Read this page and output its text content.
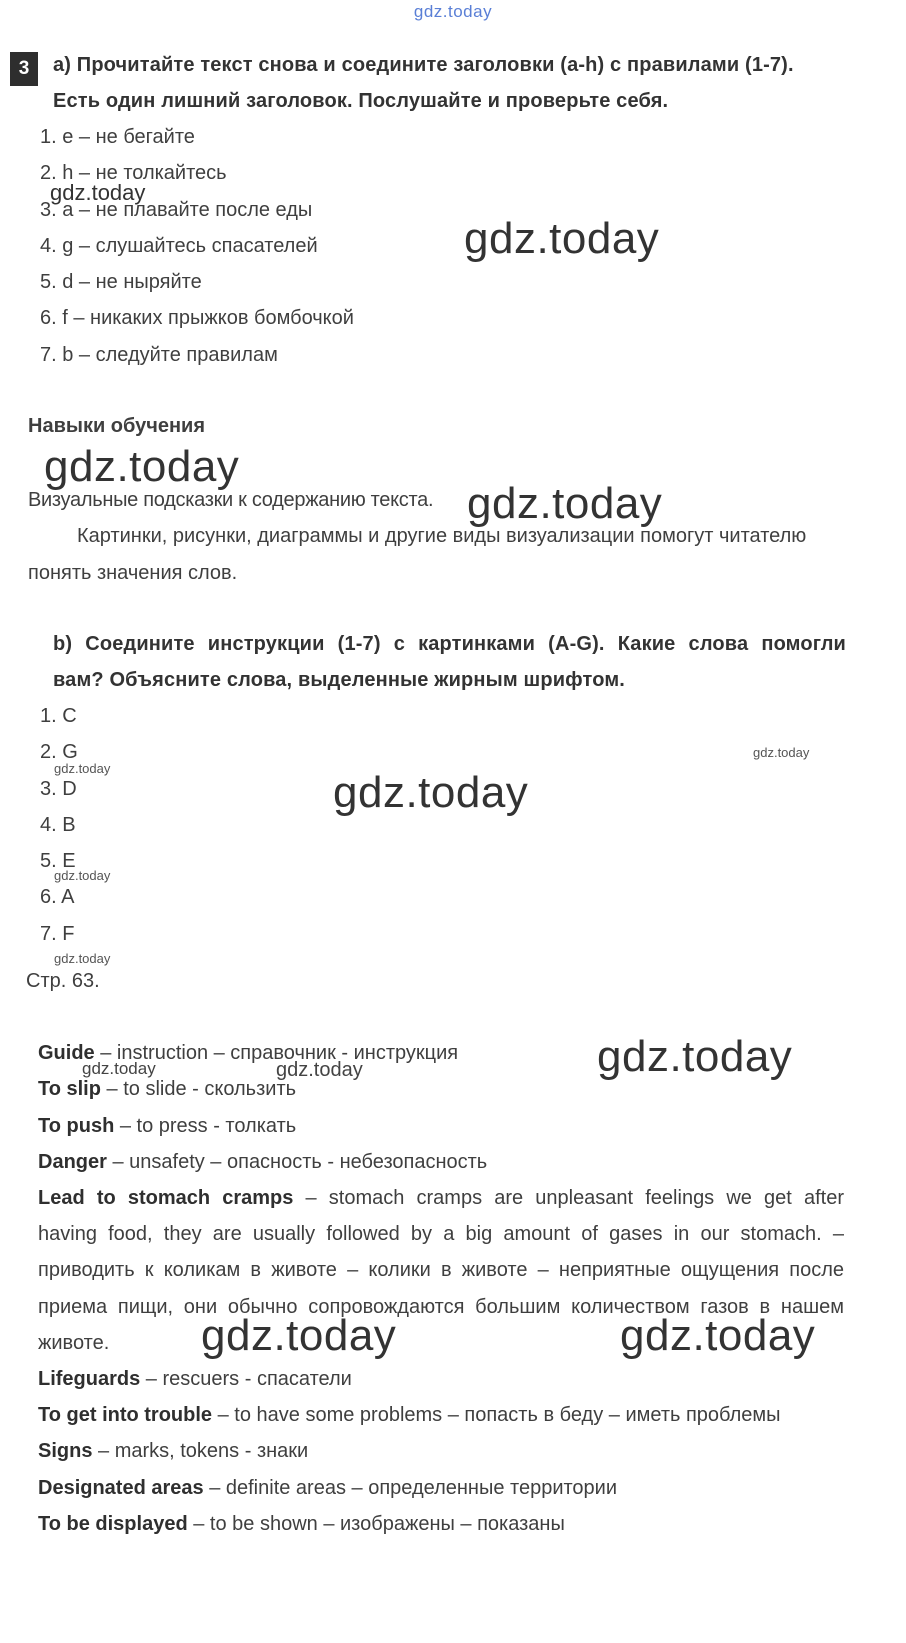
gdz.today
3	a) Прочитайте текст снова и соедините заголовки (a-h) с правилами (1-7).
Есть один лишний заголовок. Послушайте и проверьте себя.
1. e – не бегайте
2. h – не толкайтесь
3. a – не плавайте после еды
4. g – слушайтесь спасателей
5. d – не ныряйте
6. f – никаких прыжков бомбочкой
7. b – следуйте правилам
Навыки обучения
Визуальные подсказки к содержанию текста.
Картинки, рисунки, диаграммы и другие виды визуализации помогут читателю
понять значения слов.
b) Соедините инструкции (1-7) с картинками (A-G). Какие слова помогли
вам? Объясните слова, выделенные жирным шрифтом.
1. C
2. G
3. D
4. B
5. E
6. A
7. F
Стр. 63.
Guide – instruction – справочник - инструкция
To slip – to slide - скользить
To push – to press - толкать
Danger – unsafety – опасность - небезопасность
Lead to stomach cramps – stomach cramps are unpleasant feelings we get after
having food, they are usually followed by a big amount of gases in our stomach. –
приводить к коликам в животе – колики в животе – неприятные ощущения после
приема пищи, они обычно сопровождаются большим количеством газов в нашем
животе.
Lifeguards – rescuers - спасатели
To get into trouble – to have some problems – попасть в беду – иметь проблемы
Signs – marks, tokens - знаки
Designated areas – definite areas – определенные территории
To be displayed – to be shown – изображены – показаны
gdz.today
gdz.today
gdz.today
gdz.today
gdz.today
gdz.today	gdz.today
gdz.today
gdz.today
gdz.today
gdz.today	gdz.today
gdz.today	gdz.today
